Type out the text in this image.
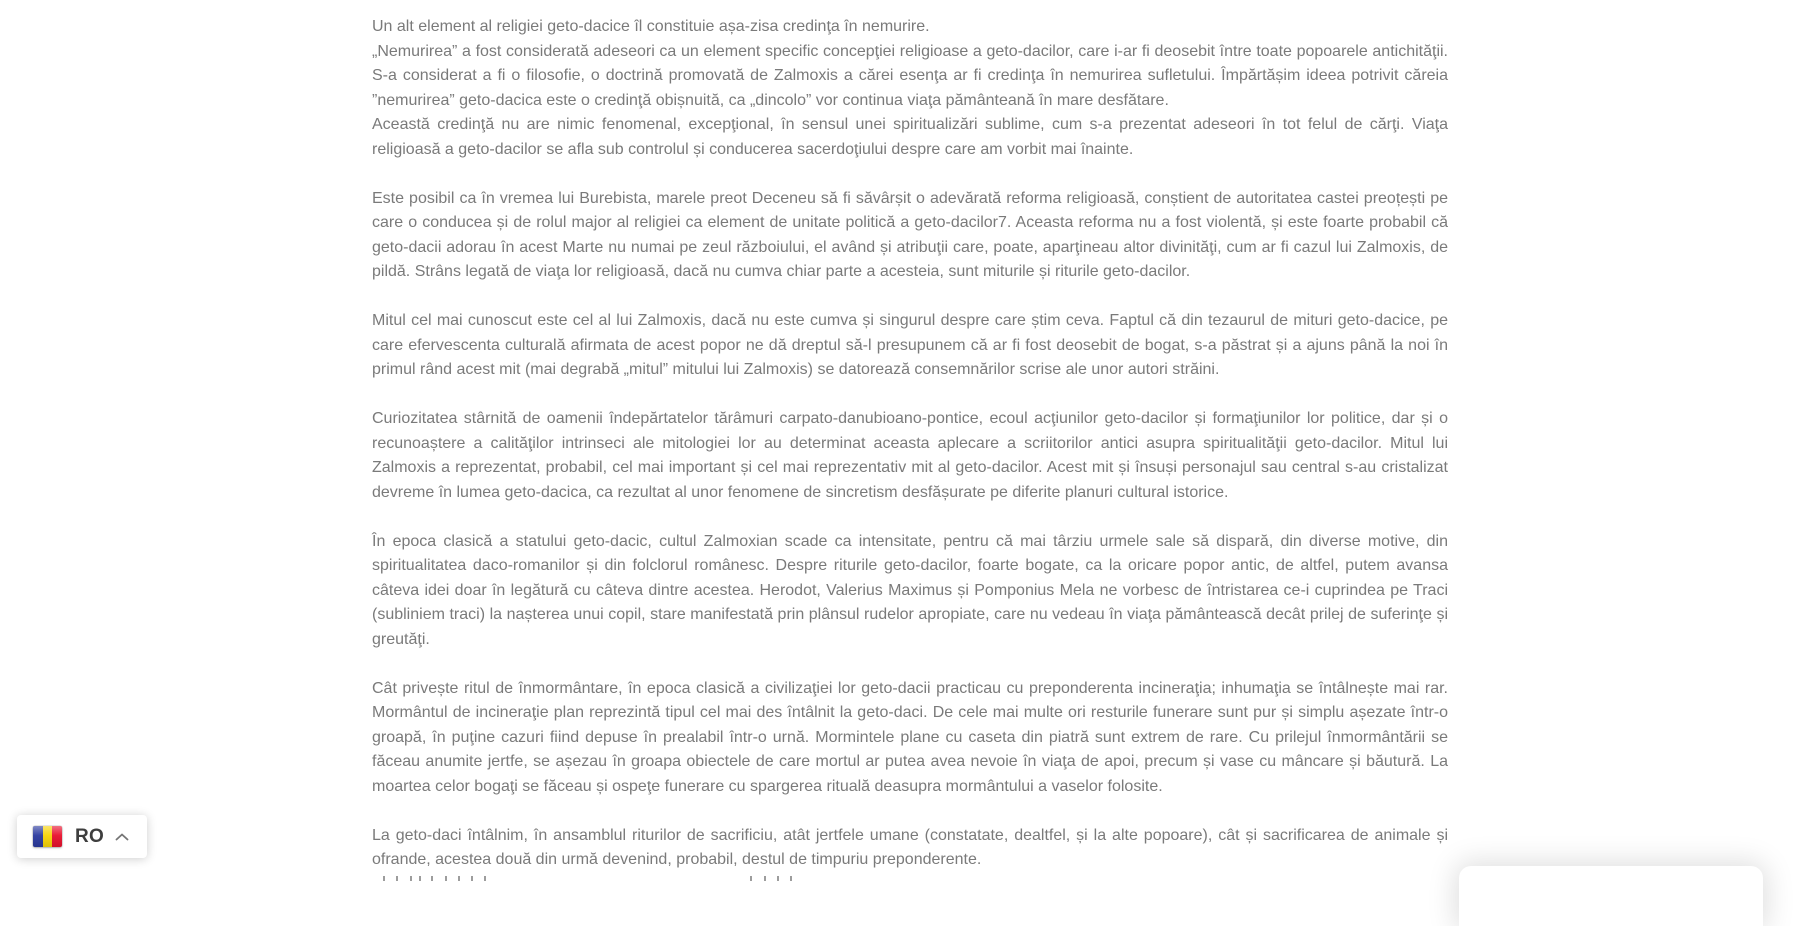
Un alt element al religiei geto-dacice îl constituie așa-zisa credinţa în nemurire.

„Nemurirea” a fost considerată adeseori ca un element specific concepţiei religioase a geto-dacilor, care i-ar fi deosebit între toate popoarele antichităţii. S-a considerat a fi o filosofie, o doctrină promovată de Zalmoxis a cărei esenţa ar fi credinţa în nemurirea sufletului. Împărtășim ideea potrivit căreia ”nemurirea” geto-dacica este o credinţă obișnuită, ca „dincolo” vor continua viaţa pământeană în mare desfătare.

Această credinţă nu are nimic fenomenal, excepţional, în sensul unei spiritualizări sublime, cum s-a prezentat adeseori în tot felul de cărţi. Viaţa religioasă a geto-dacilor se afla sub controlul și conducerea sacerdoţiului despre care am vorbit mai înainte.

Este posibil ca în vremea lui Burebista, marele preot Deceneu să fi săvârșit o adevărată reforma religioasă, conștient de autoritatea castei preoțești pe care o conducea și de rolul major al religiei ca element de unitate politică a geto-dacilor7. Aceasta reforma nu a fost violentă, și este foarte probabil că geto-dacii adorau în acest Marte nu numai pe zeul războiului, el având și atribuţii care, poate, aparţineau altor divinităţi, cum ar fi cazul lui Zalmoxis, de pildă. Strâns legată de viaţa lor religioasă, dacă nu cumva chiar parte a acesteia, sunt miturile și riturile geto-dacilor.

Mitul cel mai cunoscut este cel al lui Zalmoxis, dacă nu este cumva și singurul despre care știm ceva. Faptul că din tezaurul de mituri geto-dacice, pe care efervescenta culturală afirmata de acest popor ne dă dreptul să-l presupunem că ar fi fost deosebit de bogat, s-a păstrat și a ajuns până la noi în primul rând acest mit (mai degrabă „mitul” mitului lui Zalmoxis) se datorează consemnărilor scrise ale unor autori străini.

Curiozitatea stârnită de oamenii îndepărtatelor tărâmuri carpato-danubioano-pontice, ecoul acţiunilor geto-dacilor și formaţiunilor lor politice, dar și o recunoaștere a calităţilor intrinseci ale mitologiei lor au determinat aceasta aplecare a scriitorilor antici asupra spiritualităţii geto-dacilor. Mitul lui Zalmoxis a reprezentat, probabil, cel mai important și cel mai reprezentativ mit al geto-dacilor. Acest mit și însuși personajul sau central s-au cristalizat devreme în lumea geto-dacica, ca rezultat al unor fenomene de sincretism desfășurate pe diferite planuri cultural istorice.

În epoca clasică a statului geto-dacic, cultul Zalmoxian scade ca intensitate, pentru că mai târziu urmele sale să dispară, din diverse motive, din spiritualitatea daco-romanilor și din folclorul românesc. Despre riturile geto-dacilor, foarte bogate, ca la oricare popor antic, de altfel, putem avansa câteva idei doar în legătură cu câteva dintre acestea. Herodot, Valerius Maximus și Pomponius Mela ne vorbesc de întristarea ce-i cuprindea pe Traci (subliniem traci) la nașterea unui copil, stare manifestată prin plânsul rudelor apropiate, care nu vedeau în viaţa pământească decât prilej de suferinţe și greutăţi.

Cât privește ritul de înmormântare, în epoca clasică a civilizaţiei lor geto-dacii practicau cu preponderenta incineraţia; inhumaţia se întâlnește mai rar. Mormântul de incineraţie plan reprezintă tipul cel mai des întâlnit la geto-daci. De cele mai multe ori resturile funerare sunt pur și simplu așezate într-o groapă, în puţine cazuri fiind depuse în prealabil într-o urnă. Mormintele plane cu caseta din piatră sunt extrem de rare. Cu prilejul înmormântării se făceau anumite jertfe, se așezau în groapa obiectele de care mortul ar putea avea nevoie în viaţa de apoi, precum și vase cu mâncare și băutură. La moartea celor bogaţi se făceau și ospeţe funerare cu spargerea rituală deasupra mormântului a vaselor folosite.

La geto-daci întâlnim, în ansamblul riturilor de sacrificiu, atât jertfele umane (constatate, dealtfel, și la alte popoare), cât și sacrificarea de animale și ofrande, acestea două din urmă devenind, probabil, destul de timpuriu preponderente.

RO
